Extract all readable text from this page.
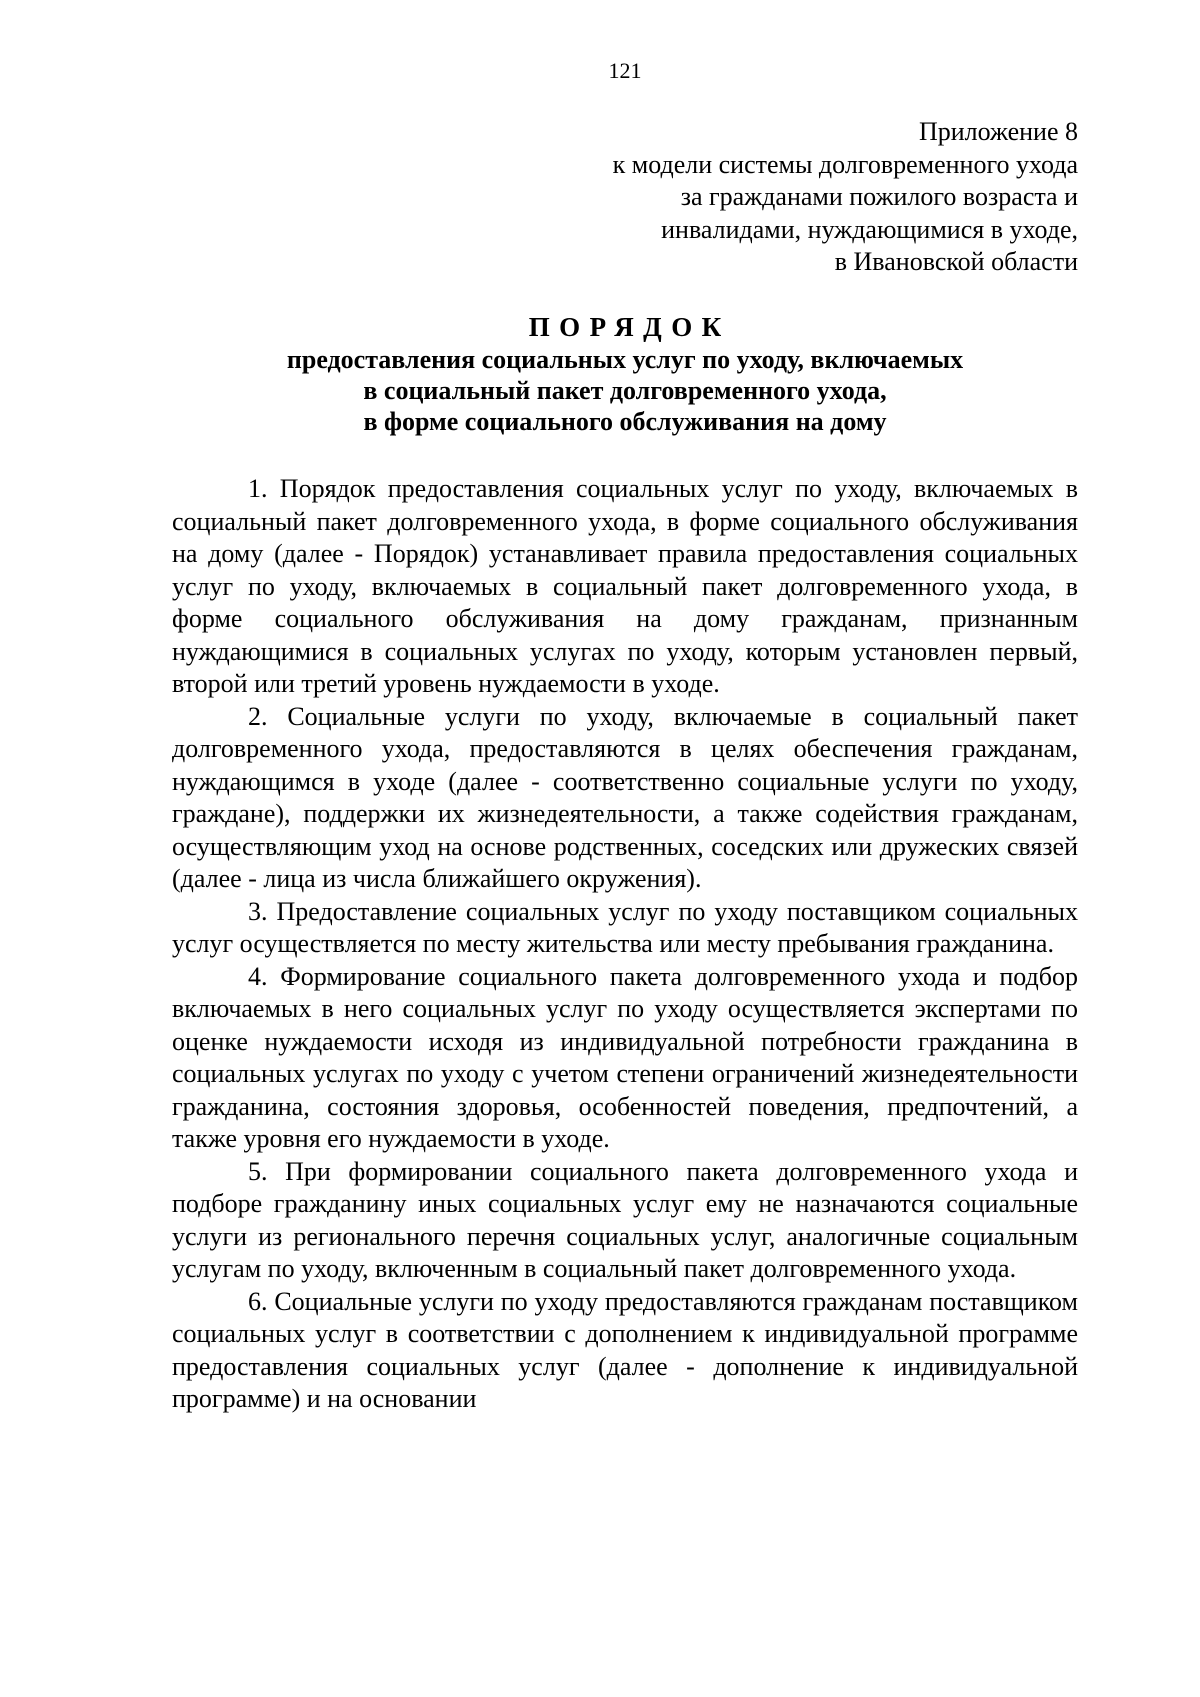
121
Приложение 8
к модели системы долговременного ухода
за гражданами пожилого возраста и
инвалидами, нуждающимися в уходе,
в Ивановской области
ПОРЯДОК
предоставления социальных услуг по уходу, включаемых
в социальный пакет долговременного ухода,
в форме социального обслуживания на дому

1. Порядок предоставления социальных услуг по уходу, включаемых в социальный пакет долговременного ухода, в форме социального обслуживания на дому (далее - Порядок) устанавливает правила предоставления социальных услуг по уходу, включаемых в социальный пакет долговременного ухода, в форме социального обслуживания на дому гражданам, признанным нуждающимися в социальных услугах по уходу, которым установлен первый, второй или третий уровень нуждаемости в уходе.

2. Социальные услуги по уходу, включаемые в социальный пакет долговременного ухода, предоставляются в целях обеспечения гражданам, нуждающимся в уходе (далее - соответственно социальные услуги по уходу, граждане), поддержки их жизнедеятельности, а также содействия гражданам, осуществляющим уход на основе родственных, соседских или дружеских связей (далее - лица из числа ближайшего окружения).

3. Предоставление социальных услуг по уходу поставщиком социальных услуг осуществляется по месту жительства или месту пребывания гражданина.

4. Формирование социального пакета долговременного ухода и подбор включаемых в него социальных услуг по уходу осуществляется экспертами по оценке нуждаемости исходя из индивидуальной потребности гражданина в социальных услугах по уходу с учетом степени ограничений жизнедеятельности гражданина, состояния здоровья, особенностей поведения, предпочтений, а также уровня его нуждаемости в уходе.

5. При формировании социального пакета долговременного ухода и подборе гражданину иных социальных услуг ему не назначаются социальные услуги из регионального перечня социальных услуг, аналогичные социальным услугам по уходу, включенным в социальный пакет долговременного ухода.

6. Социальные услуги по уходу предоставляются гражданам поставщиком социальных услуг в соответствии с дополнением к индивидуальной программе предоставления социальных услуг (далее - дополнение к индивидуальной программе) и на основании
